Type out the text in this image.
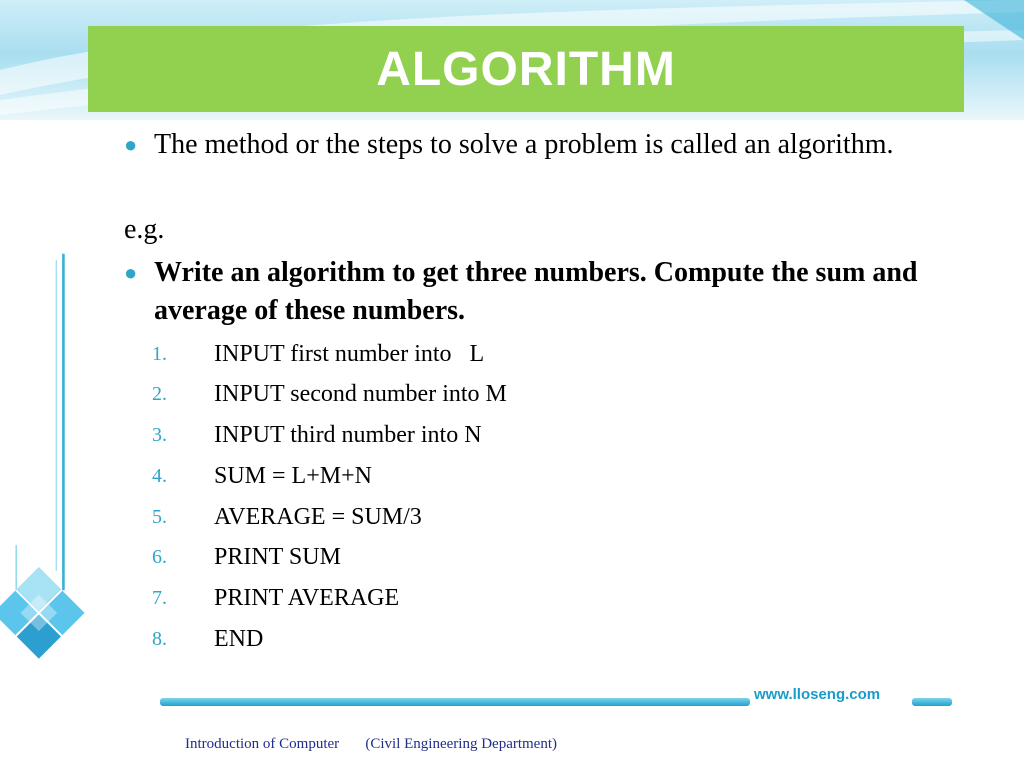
ALGORITHM
● The method or the steps to solve a problem is called an algorithm.
e.g.
● Write an algorithm to get three numbers. Compute the sum and average of these numbers.
1.	INPUT first number into   L
2.	INPUT second number into M
3.	INPUT third number into N
4.	SUM = L+M+N
5.	AVERAGE = SUM/3
6.	PRINT SUM
7.	PRINT AVERAGE
8.	END
www.lloseng.com
Introduction of Computer       (Civil Engineering Department)
